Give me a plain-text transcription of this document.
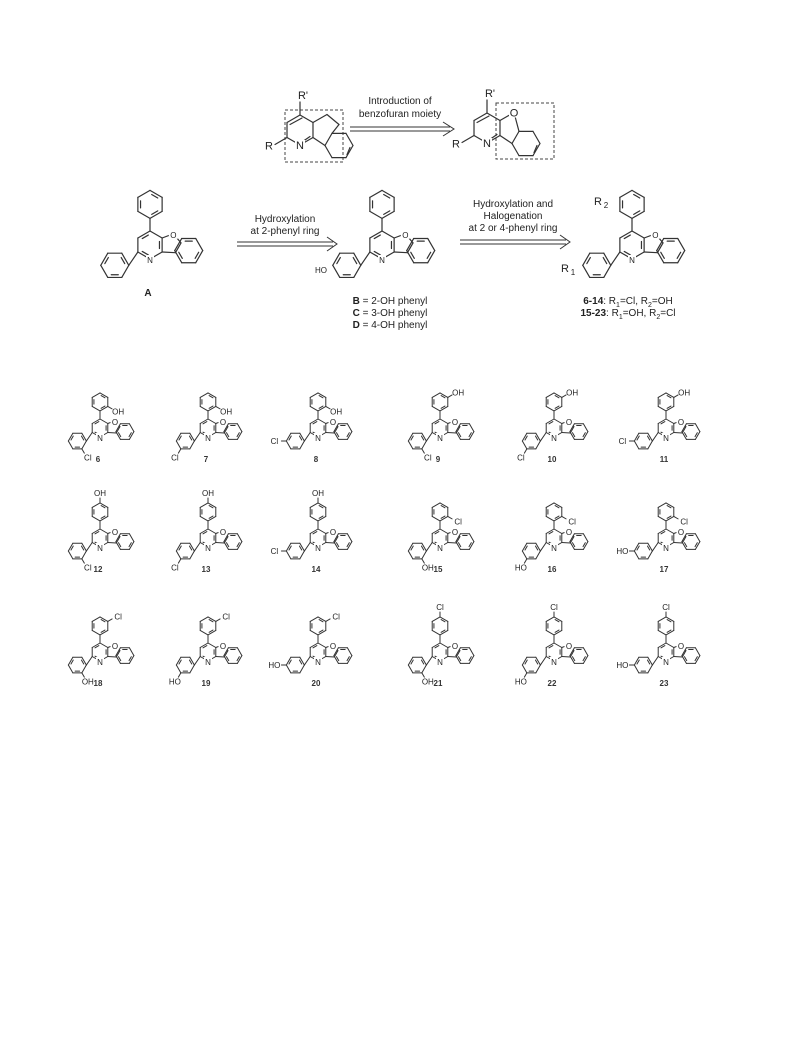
Introduction of
benzofuran moiety
N
R'
R
O
N
R'
R
O
N
A
O
N
HO
O
N
R 1
R 2
Hydroxylation
at 2-phenyl ring
Hydroxylation and
Halogenation
at 2 or 4-phenyl ring
B = 2-OH phenyl
C = 3-OH phenyl
D = 4-OH phenyl
6-14: $R_1=Cl$, $R_2=OH$
15-23: $R_1=OH$, $R_2=Cl$
O
N
OH
Cl 6
O
N
OH
Cl	7
O
N
OH
Cl
8
O
N
OH
Cl 9
O
N
OH
Cl	10
O
N
OH
Cl
11
O
N
OH
Cl 12
O
N
OH
Cl	13
O
N
OH
Cl
14
O
N
Cl
OH 15
O
N
Cl
HO	16
O
N
Cl
HO
17
O
N
Cl
OH 18
O
N
Cl
HO	19
O
N
Cl
HO
20
O
N
Cl
OH 21
O
N
Cl
HO	22
O
N
Cl
HO
23
